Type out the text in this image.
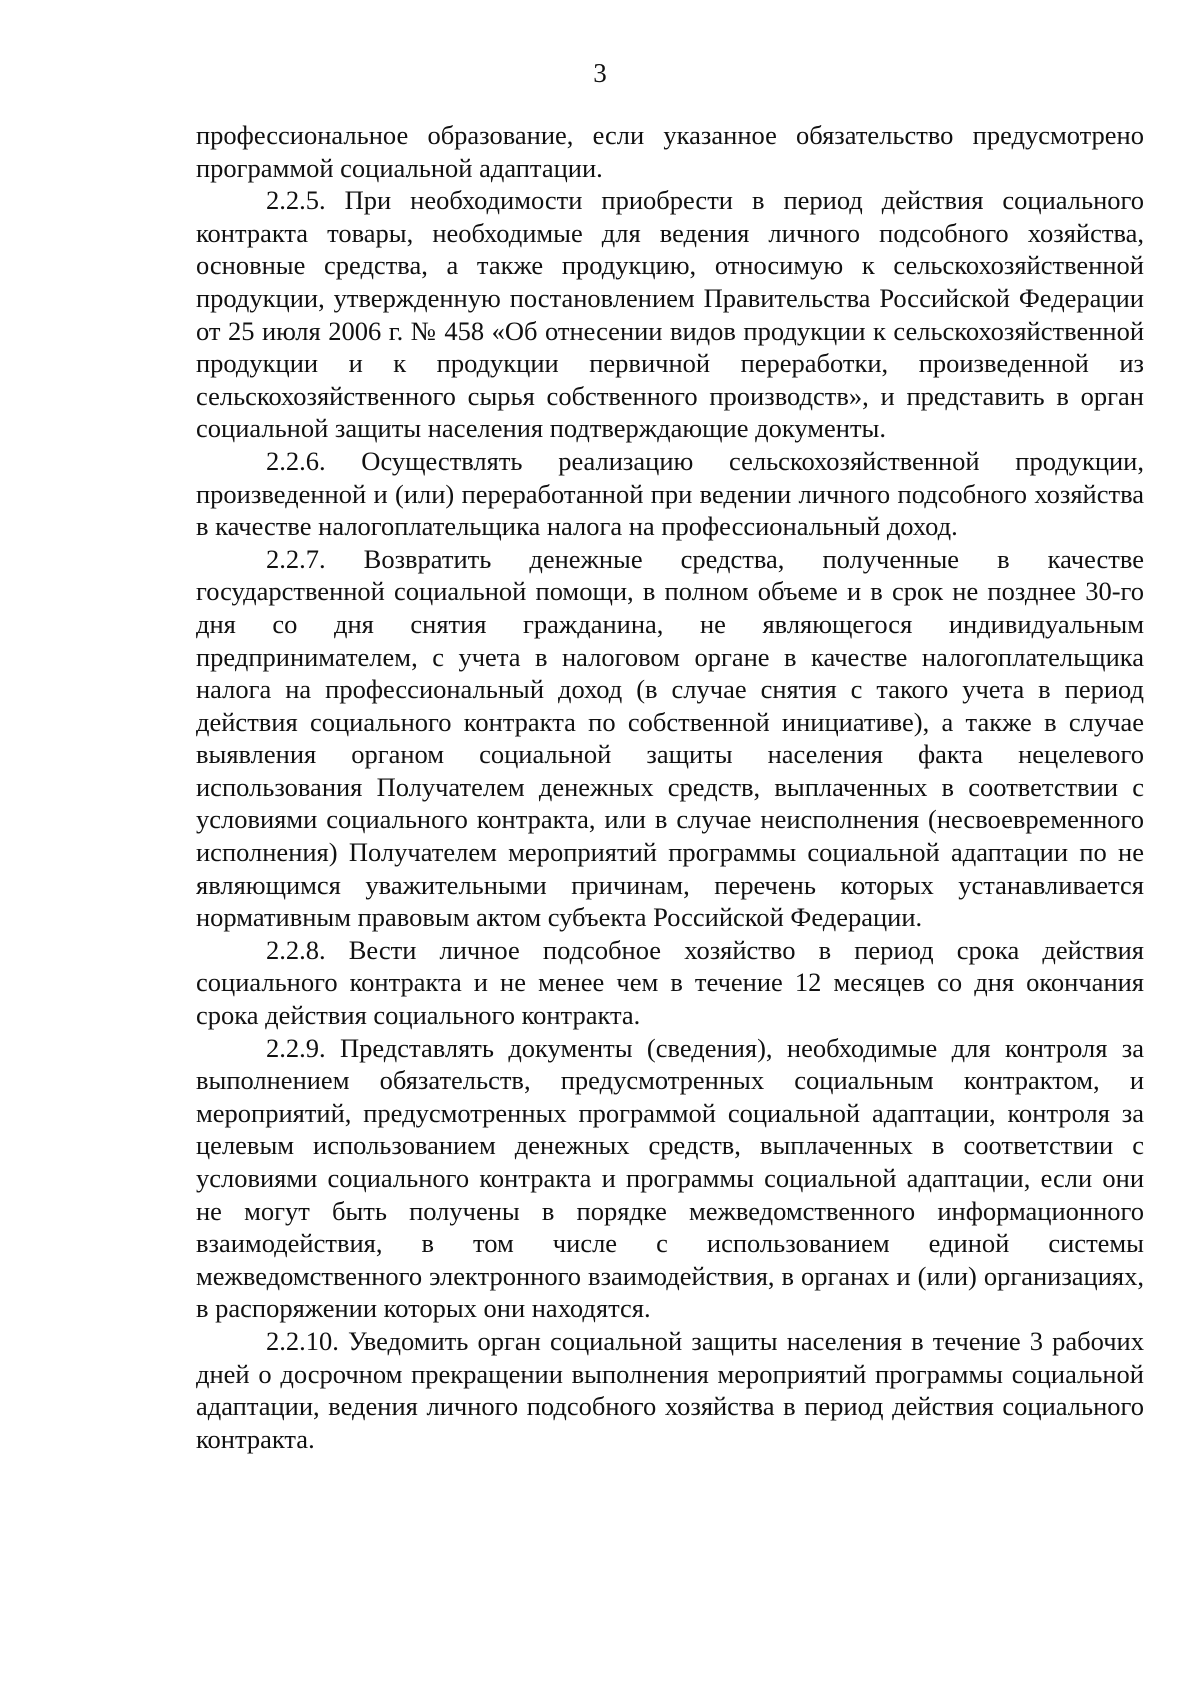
3

профессиональное образование, если указанное обязательство предусмотрено программой социальной адаптации.

2.2.5. При необходимости приобрести в период действия социального контракта товары, необходимые для ведения личного подсобного хозяйства, основные средства, а также продукцию, относимую к сельскохозяйственной продукции, утвержденную постановлением Правительства Российской Федерации от 25 июля 2006 г. № 458 «Об отнесении видов продукции к сельскохозяйственной продукции и к продукции первичной переработки, произведенной из сельскохозяйственного сырья собственного производств», и представить в орган социальной защиты населения подтверждающие документы.

2.2.6. Осуществлять реализацию сельскохозяйственной продукции, произведенной и (или) переработанной при ведении личного подсобного хозяйства в качестве налогоплательщика налога на профессиональный доход.

2.2.7. Возвратить денежные средства, полученные в качестве государственной социальной помощи, в полном объеме и в срок не позднее 30-го дня со дня снятия гражданина, не являющегося индивидуальным предпринимателем, с учета в налоговом органе в качестве налогоплательщика налога на профессиональный доход (в случае снятия с такого учета в период действия социального контракта по собственной инициативе), а также в случае выявления органом социальной защиты населения факта нецелевого использования Получателем денежных средств, выплаченных в соответствии с условиями социального контракта, или в случае неисполнения (несвоевременного исполнения) Получателем мероприятий программы социальной адаптации по не являющимся уважительными причинам, перечень которых устанавливается нормативным правовым актом субъекта Российской Федерации.

2.2.8. Вести личное подсобное хозяйство в период срока действия социального контракта и не менее чем в течение 12 месяцев со дня окончания срока действия социального контракта.

2.2.9. Представлять документы (сведения), необходимые для контроля за выполнением обязательств, предусмотренных социальным контрактом, и мероприятий, предусмотренных программой социальной адаптации, контроля за целевым использованием денежных средств, выплаченных в соответствии с условиями социального контракта и программы социальной адаптации, если они не могут быть получены в порядке межведомственного информационного взаимодействия, в том числе с использованием единой системы межведомственного электронного взаимодействия, в органах и (или) организациях, в распоряжении которых они находятся.

2.2.10. Уведомить орган социальной защиты населения в течение 3 рабочих дней о досрочном прекращении выполнения мероприятий программы социальной адаптации, ведения личного подсобного хозяйства в период действия социального контракта.
